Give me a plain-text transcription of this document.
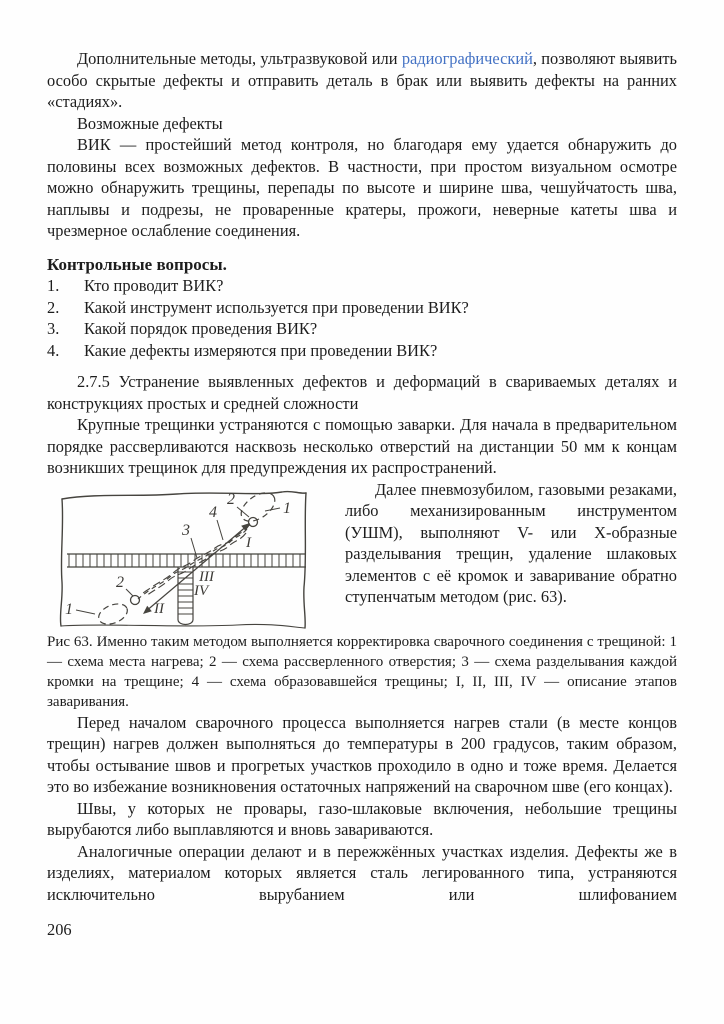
Дополнительные методы, ультразвуковой или радиографический, позволяют выявить особо скрытые дефекты и отправить деталь в брак или выявить дефекты на ранних «стадиях».

Возможные дефекты

ВИК — простейший метод контроля, но благодаря ему удается обнаружить до половины всех возможных дефектов. В частности, при простом визуальном осмотре можно обнаружить трещины, перепады по высоте и ширине шва, чешуйчатость шва, наплывы и подрезы, не проваренные кратеры, прожоги, неверные катеты шва и чрезмерное ослабление соединения.

Контрольные вопросы.

1.	Кто проводит ВИК?
2.	Какой инструмент используется при проведении ВИК?
3.	Какой порядок проведения ВИК?
4.	Какие дефекты измеряются при проведении ВИК?

2.7.5 Устранение выявленных дефектов и деформаций в свариваемых деталях и конструкциях простых и средней сложности

Крупные трещинки устраняются с помощью заварки. Для начала в предварительном порядке рассверливаются насквозь несколько отверстий на дистанции 50 мм к концам возникших трещинок для предупреждения их распространений.

1
2
4
3
2
1
I
II
III
IV

Далее пневмозубилом, газовыми резаками, либо механизированным инструментом (УШМ), выполняют V- или X-образные разделывания трещин, удаление шлаковых элементов с её кромок и заваривание обратно ступенчатым методом (рис. 63).

Рис 63. Именно таким методом выполняется корректировка сварочного соединения с трещиной: 1 — схема места нагрева; 2 — схема рассверленного отверстия; 3 — схема разделывания каждой кромки на трещине; 4 — схема образовавшейся трещины; I, II, III, IV — описание этапов заваривания.

Перед началом сварочного процесса выполняется нагрев стали (в месте концов трещин) нагрев должен выполняться до температуры в 200 градусов, таким образом, чтобы остывание швов и прогретых участков проходило в одно и тоже время. Делается это во избежание возникновения остаточных напряжений на сварочном шве (его концах).

Швы, у которых не провары, газо-шлаковые включения, небольшие трещины вырубаются либо выплавляются и вновь завариваются.

Аналогичные операции делают и в пережжённых участках изделия. Дефекты же в изделиях, материалом которых является сталь легированного типа, устраняются исключительно вырубанием или шлифованием

206
